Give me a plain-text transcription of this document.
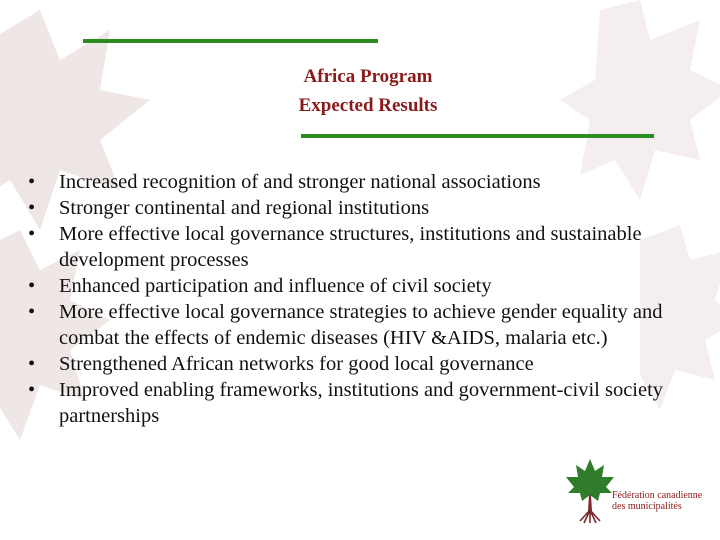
Africa Program
Expected Results
• Increased recognition of and stronger national associations
• Stronger continental and regional institutions
• More effective local governance structures, institutions and sustainable development processes
• Enhanced participation and influence of civil society
• More effective local governance strategies to achieve gender equality and combat the effects of endemic diseases (HIV &AIDS, malaria etc.)
• Strengthened African networks for good local governance
• Improved enabling frameworks, institutions and government-civil society partnerships
Fédération canadienne
des municipalités
